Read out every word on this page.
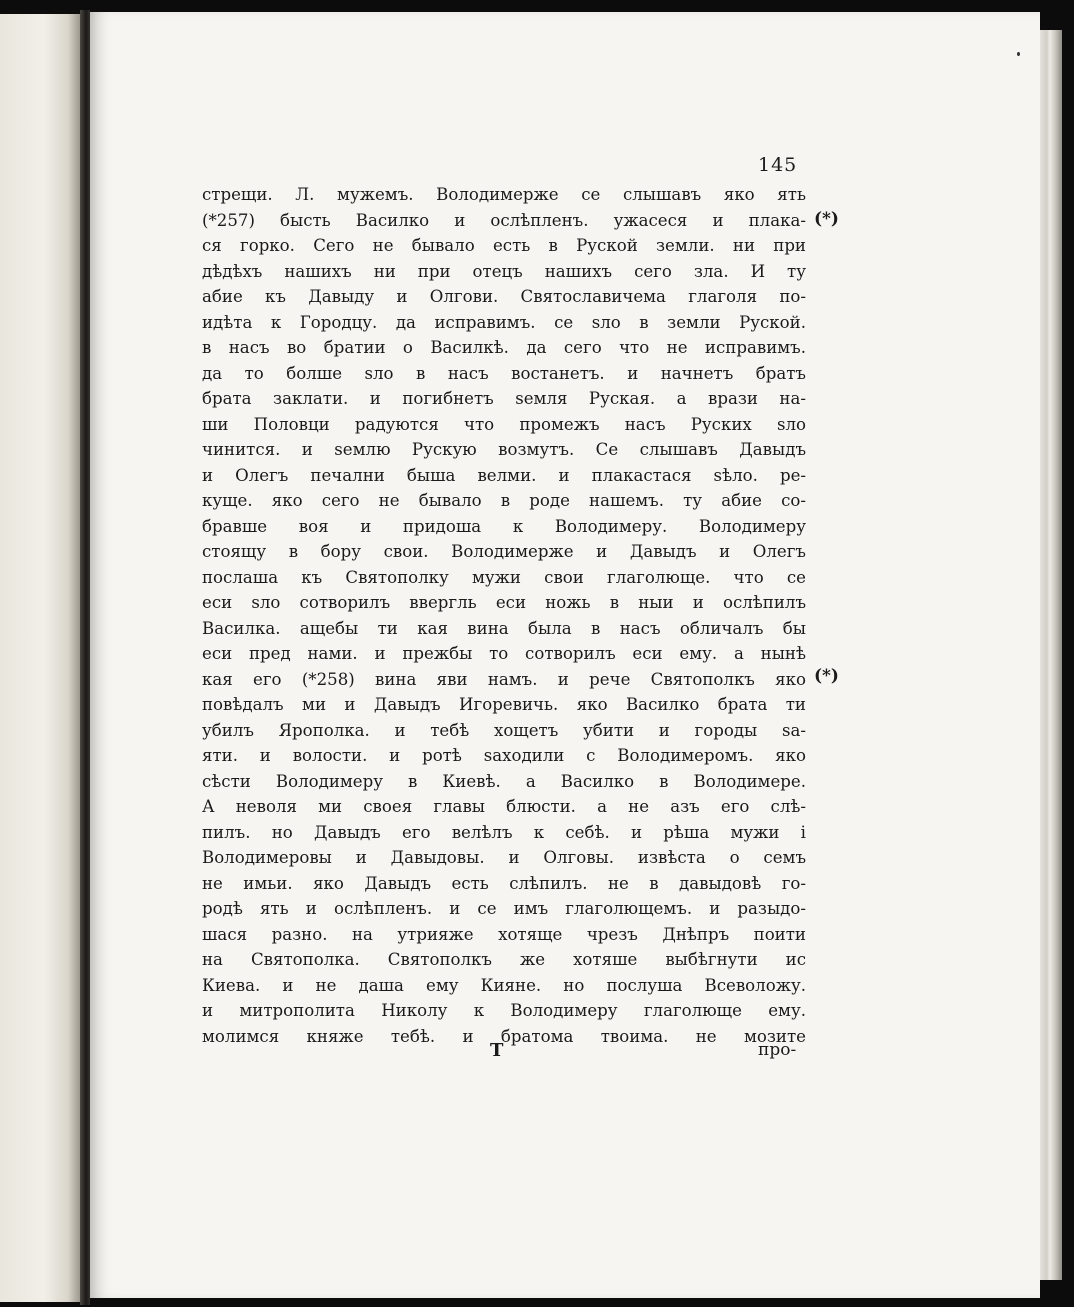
145
стрещи. Л. мужемъ. Володимерже се слышавъ яко ять
(*257) бысть Василко и ослѣпленъ. ужасеся и плака-
ся горко. Сего не бывало есть в Руской земли. ни при
дѣдѣхъ нашихъ ни при отецъ нашихъ сего зла. И ту
абие къ Давыду и Олгови. Святославичема глаголя по-
идѣта к Городцу. да исправимъ. се ѕло в земли Руской.
в насъ во братии о Василкѣ. да сего что не исправимъ.
да то болше ѕло в насъ востанетъ. и начнетъ братъ
брата заклати. и погибнетъ ѕемля Руская. а врази на-
ши Половци радуются что промежъ насъ Руских ѕло
чинится. и ѕемлю Рускую возмутъ. Се слышавъ Давыдъ
и Олегъ печални быша велми. и плакастася ѕѣло. ре-
куще. яко сего не бывало в роде нашемъ. ту абие со-
бравше воя и придоша к Володимеру. Володимеру
стоящу в бору свои. Володимерже и Давыдъ и Олегъ
послаша къ Святополку мужи свои глаголюще. что се
еси ѕло сотворилъ ввергль еси ножь в ныи и ослѣпилъ
Василка. ащебы ти кая вина была в насъ обличалъ бы
еси пред нами. и прежбы то сотворилъ еси ему. а нынѣ
кая его (*258) вина яви намъ. и рече Святополкъ яко
повѣдалъ ми и Давыдъ Игоревичь. яко Василко брата ти
убилъ Ярополка. и тебѣ хощетъ убити и городы ѕа-
яти. и волости. и ротѣ ѕаходили с Володимеромъ. яко
сѣсти Володимеру в Киевѣ. а Василко в Володимере.
А неволя ми своея главы блюсти. а не азъ его слѣ-
пилъ. но Давыдъ его велѣлъ к себѣ. и рѣша мужи і
Володимеровы и Давыдовы. и Олговы. извѣста о семъ
не имьи. яко Давыдъ есть слѣпилъ. не в давыдовѣ го-
родѣ ять и ослѣпленъ. и се имъ глаголющемъ. и разыдо-
шася разно. на утрияже хотяще чрезъ Днѣпръ поити
на Святополка. Святополкъ же хотяше выбѣгнути ис
Киева. и не даша ему Кияне. но послуша Всеволожу.
и митрополита Николу к Володимеру глаголюще ему.
молимся княже тебѣ. и братома твоима. не мозите
(*)
(*)
Т	про-
